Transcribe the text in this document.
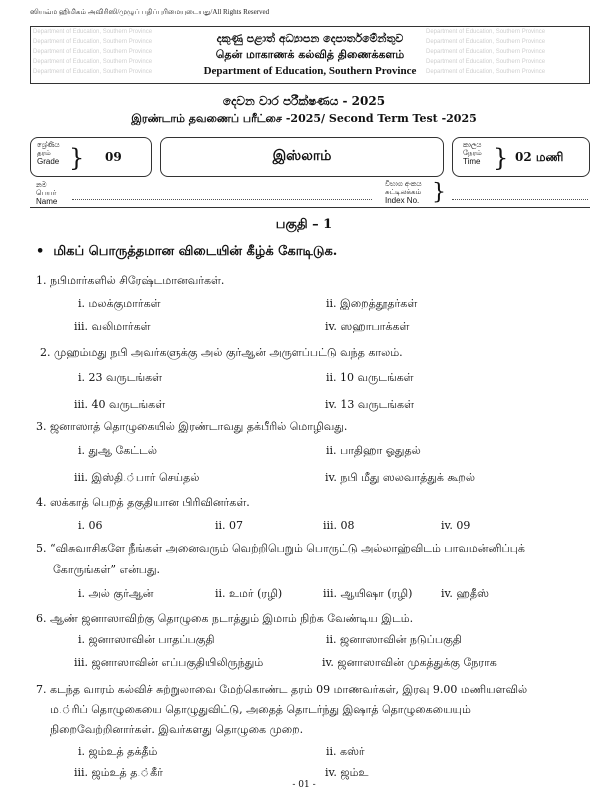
ஸியவ்ம ஹிமிகம் அவிரிஸி/முழுப் பதிப்புரிமையுடையது/All Rights Reserved
Department of Education, Southern Province
Department of Education, Southern Province
Department of Education, Southern Province
Department of Education, Southern Province
Department of Education, Southern Province
Department of Education, Southern Province
Department of Education, Southern Province
Department of Education, Southern Province
Department of Education, Southern Province
Department of Education, Southern Province
දකුණු පළාත් අධ්‍යාපන දෙපාර්තමේන්තුව
தென் மாகாணக் கல்வித் திணைக்களம்
Department of Education, Southern Province
දෙවන වාර පරීක්ෂණය - 2025
இரண்டாம் தவணைப் பரீட்சை -2025/ Second Term Test -2025
ශ්‍රේණිය
தரம்
Grade } 09	இஸ்லாம்
කාලය
நேரம்
Time } 02 மணி
නම
பெயர்
Name
විභාග අංකය
சுட்டிலக்கம்
Index No. }
பகுதி – 1
•  மிகப் பொருத்தமான விடையின் கீழ்க் கோடிடுக.
1. நபிமார்களில் சிரேஷ்டமானவர்கள்.
i. மலக்குமார்கள்	ii. இறைத்தூதர்கள்
iii. வலிமார்கள்	iv. ஸஹாபாக்கள்
2. முஹம்மது நபி அவர்களுக்கு அல் குர்ஆன் அருளப்பட்டு வந்த காலம்.
i. 23 வருடங்கள்	ii. 10 வருடங்கள்
iii. 40 வருடங்கள்	iv. 13 வருடங்கள்
3. ஜனாஸாத் தொழுகையில் இரண்டாவது தக்பீரில் மொழிவது.
i. துஆ கேட்டல்	ii. பாதிஹா ஓதுதல்
iii. இஸ்தி.்பார் செய்தல்	iv. நபி மீது ஸலவாத்துக் கூறல்
4. ஸக்காத் பெறத் தகுதியான பிரிவினர்கள்.
i. 06	ii. 07	iii. 08	iv. 09
5. “விசுவாசிகளே நீங்கள் அனைவரும் வெற்றிபெறும் பொருட்டு அல்லாஹ்விடம் பாவமன்னிப்புக்
கோருங்கள்” என்பது.
i. அல் குர்ஆன்	ii. உமர் (ரழி)	iii. ஆயிஷா (ரழி)	iv. ஹதீஸ்
6. ஆண் ஜனாஸாவிற்கு தொழுகை நடாத்தும் இமாம் நிற்க வேண்டிய இடம்.
i. ஜனாஸாவின் பாதப்பகுதி	ii. ஜனாஸாவின் நடுப்பகுதி
iii. ஜனாஸாவின் எப்பகுதியிலிருந்தும்	iv. ஜனாஸாவின் முகத்துக்கு நேராக
7. கடந்த வாரம் கல்விச் சுற்றுலாவை மேற்கொண்ட தரம் 09 மாணவர்கள், இரவு 9.00 மணியளவில்
ம.்ரிப் தொழுகையை தொழுதுவிட்டு, அதைத் தொடர்ந்து இஷாத் தொழுகையையும்
நிறைவேற்றினார்கள். இவர்களது தொழுகை முறை.
i. ஜம்உத் தக்தீம்	ii. கஸ்ர்
iii. ஜம்உத் த.்கீர்	iv. ஜம்உ
- 01 -
